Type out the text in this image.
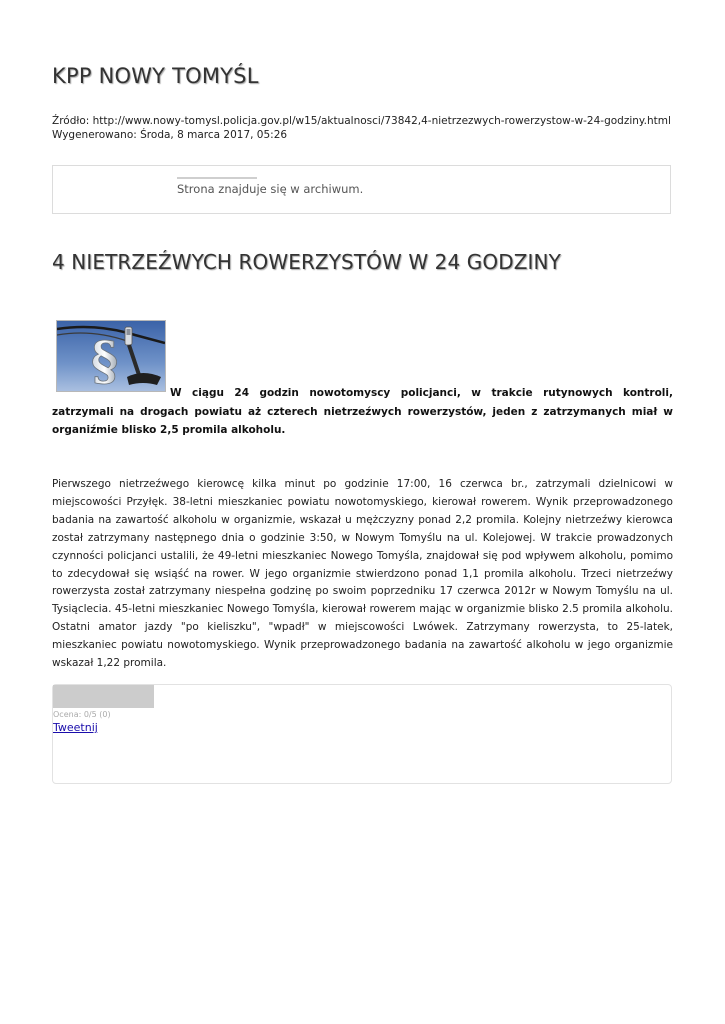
KPP NOWY TOMYŚL
Źródło: http://www.nowy-tomysl.policja.gov.pl/w15/aktualnosci/73842,4-nietrzezwych-rowerzystow-w-24-godziny.html
Wygenerowano: Środa, 8 marca 2017, 05:26
Strona znajduje się w archiwum.
4 NIETRZEŹWYCH ROWERZYSTÓW W 24 GODZINY
§

W ciągu 24 godzin nowotomyscy policjanci, w trakcie rutynowych kontroli, zatrzymali na drogach powiatu aż czterech nietrzeźwych rowerzystów, jeden z zatrzymanych miał w organiźmie blisko 2,5 promila alkoholu.

Pierwszego nietrzeźwego kierowcę kilka minut po godzinie 17:00, 16 czerwca br., zatrzymali dzielnicowi w miejscowości Przyłęk. 38-letni mieszkaniec powiatu nowotomyskiego, kierował rowerem. Wynik przeprowadzonego badania na zawartość alkoholu w organizmie, wskazał u mężczyzny ponad 2,2 promila. Kolejny nietrzeźwy kierowca został zatrzymany następnego dnia o godzinie 3:50, w Nowym Tomyślu na ul. Kolejowej. W trakcie prowadzonych czynności policjanci ustalili, że 49-letni mieszkaniec Nowego Tomyśla, znajdował się pod wpływem alkoholu, pomimo to zdecydował się wsiąść na rower. W jego organizmie stwierdzono ponad 1,1 promila alkoholu. Trzeci nietrzeźwy rowerzysta został zatrzymany niespełna godzinę po swoim poprzedniku 17 czerwca 2012r w Nowym Tomyślu na ul. Tysiąclecia. 45-letni mieszkaniec Nowego Tomyśla, kierował rowerem mając w organizmie blisko 2.5 promila alkoholu. Ostatni amator jazdy "po kieliszku", "wpadł" w miejscowości Lwówek. Zatrzymany rowerzysta, to 25-latek, mieszkaniec powiatu nowotomyskiego. Wynik przeprowadzonego badania na zawartość alkoholu w jego organizmie wskazał 1,22 promila.

Ocena: 0/5 (0)
Tweetnij
